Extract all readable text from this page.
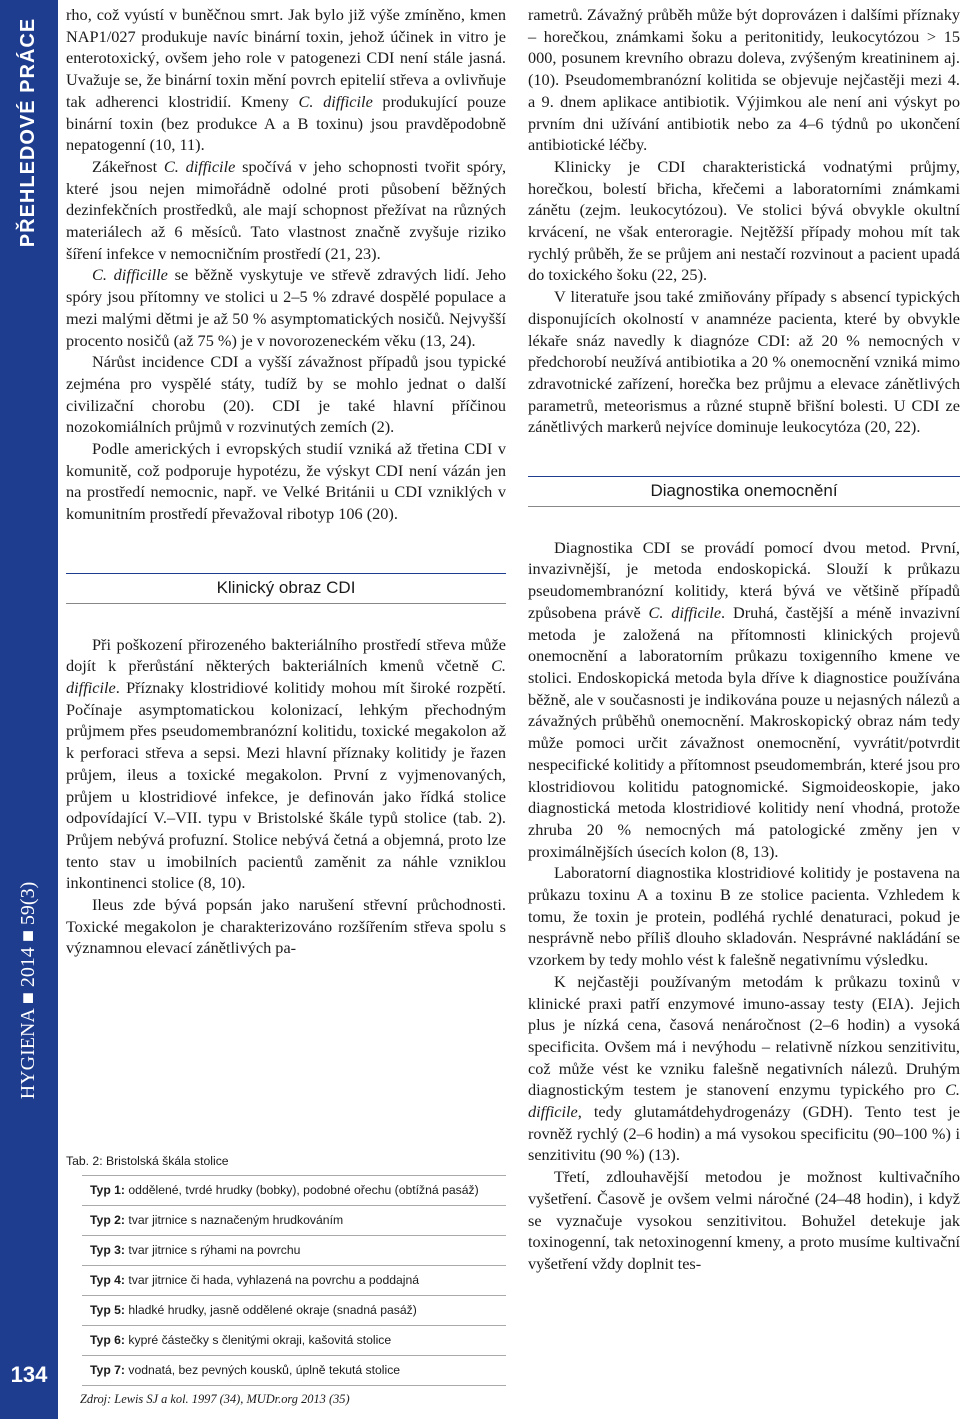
PŘEHLEDOVÉ PRÁCE
HYGIENA ■ 2014 ■ 59(3)
134

rho, což vyústí v buněčnou smrt. Jak bylo již výše zmíněno, kmen NAP1/027 produkuje navíc binární toxin, jehož účinek in vitro je enterotoxický, ovšem jeho role v patogenezi CDI není stále jasná. Uvažuje se, že binární toxin mění povrch epitelií střeva a ovlivňuje tak adherenci klostridií. Kmeny C. difficile produkující pouze binární toxin (bez produkce A a B toxinu) jsou pravděpodobně nepatogenní (10, 11).

Zákeřnost C. difficile spočívá v jeho schopnosti tvořit spóry, které jsou nejen mimořádně odolné proti působení běžných dezinfekčních prostředků, ale mají schopnost přežívat na různých materiálech až 6 měsíců. Tato vlastnost značně zvyšuje riziko šíření infekce v nemocničním prostředí (21, 23).

C. difficille se běžně vyskytuje ve střevě zdravých lidí. Jeho spóry jsou přítomny ve stolici u 2–5 % zdravé dospělé populace a mezi malými dětmi je až 50 % asymptomatických nosičů. Nejvyšší procento nosičů (až 75 %) je v novorozeneckém věku (13, 24).

Nárůst incidence CDI a vyšší závažnost případů jsou typické zejména pro vyspělé státy, tudíž by se mohlo jednat o další civilizační chorobu (20). CDI je také hlavní příčinou nozokomiálních průjmů v rozvinutých zemích (2).

Podle amerických i evropských studií vzniká až třetina CDI v komunitě, což podporuje hypotézu, že výskyt CDI není vázán jen na prostředí nemocnic, např. ve Velké Británii u CDI vzniklých v komunitním prostředí převažoval ribotyp 106 (20).

Klinický obraz CDI

Při poškození přirozeného bakteriálního prostředí střeva může dojít k přerůstání některých bakteriálních kmenů včetně C. difficile. Příznaky klostridiové kolitidy mohou mít široké rozpětí. Počínaje asymptomatickou kolonizací, lehkým přechodným průjmem přes pseudomembranózní kolitidu, toxické megakolon až k perforaci střeva a sepsi. Mezi hlavní příznaky kolitidy je řazen průjem, ileus a toxické megakolon. První z vyjmenovaných, průjem u klostridiové infekce, je definován jako řídká stolice odpovídající V.–VII. typu v Bristolské škále typů stolice (tab. 2). Průjem nebývá profuzní. Stolice nebývá četná a objemná, proto lze tento stav u imobilních pacientů zaměnit za náhle vzniklou inkontinenci stolice (8, 10).

Ileus zde bývá popsán jako narušení střevní průchodnosti. Toxické megakolon je charakterizováno rozšířením střeva spolu s významnou elevací zánětlivých pa-

Tab. 2: Bristolská škála stolice
Typ 1: oddělené, tvrdé hrudky (bobky), podobné ořechu (obtížná pasáž)
Typ 2: tvar jitrnice s naznačeným hrudkováním
Typ 3: tvar jitrnice s rýhami na povrchu
Typ 4: tvar jitrnice či hada, vyhlazená na povrchu a poddajná
Typ 5: hladké hrudky, jasně oddělené okraje (snadná pasáž)
Typ 6: kypré částečky s členitými okraji, kašovitá stolice
Typ 7: vodnatá, bez pevných kousků, úplně tekutá stolice
Zdroj: Lewis SJ a kol. 1997 (34), MUDr.org 2013 (35)

rametrů. Závažný průběh může být doprovázen i dalšími příznaky – horečkou, známkami šoku a peritonitidy, leukocytózou > 15 000, posunem krevního obrazu doleva, zvýšeným kreatininem aj. (10). Pseudomembranózní kolitida se objevuje nejčastěji mezi 4. a 9. dnem aplikace antibiotik. Výjimkou ale není ani výskyt po prvním dni užívání antibiotik nebo za 4–6 týdnů po ukončení antibiotické léčby.

Klinicky je CDI charakteristická vodnatými průjmy, horečkou, bolestí břicha, křečemi a laboratorními známkami zánětu (zejm. leukocytózou). Ve stolici bývá obvykle okultní krvácení, ne však enteroragie. Nejtěžší případy mohou mít tak rychlý průběh, že se průjem ani nestačí rozvinout a pacient upadá do toxického šoku (22, 25).

V literatuře jsou také zmiňovány případy s absencí typických disponujících okolností v anamnéze pacienta, které by obvykle lékaře snáz navedly k diagnóze CDI: až 20 % nemocných v předchorobí neužívá antibiotika a 20 % onemocnění vzniká mimo zdravotnické zařízení, horečka bez průjmu a elevace zánětlivých parametrů, meteorismus a různé stupně břišní bolesti. U CDI ze zánětlivých markerů nejvíce dominuje leukocytóza (20, 22).

Diagnostika onemocnění

Diagnostika CDI se provádí pomocí dvou metod. První, invazivnější, je metoda endoskopická. Slouží k průkazu pseudomembranózní kolitidy, která bývá ve většině případů způsobena právě C. difficile. Druhá, častější a méně invazivní metoda je založená na přítomnosti klinických projevů onemocnění a laboratorním průkazu toxigenního kmene ve stolici. Endoskopická metoda byla dříve k diagnostice používána běžně, ale v současnosti je indikována pouze u nejasných nálezů a závažných průběhů onemocnění. Makroskopický obraz nám tedy může pomoci určit závažnost onemocnění, vyvrátit/potvrdit nespecifické kolitidy a přítomnost pseudomembrán, které jsou pro klostridiovou kolitidu patognomické. Sigmoideoskopie, jako diagnostická metoda klostridiové kolitidy není vhodná, protože zhruba 20 % nemocných má patologické změny jen v proximálnějších úsecích kolon (8, 13).

Laboratorní diagnostika klostridiové kolitidy je postavena na průkazu toxinu A a toxinu B ze stolice pacienta. Vzhledem k tomu, že toxin je protein, podléhá rychlé denaturaci, pokud je nesprávně nebo příliš dlouho skladován. Nesprávné nakládání se vzorkem by tedy mohlo vést k falešně negativnímu výsledku.

K nejčastěji používaným metodám k průkazu toxinů v klinické praxi patří enzymové imuno-assay testy (EIA). Jejich plus je nízká cena, časová nenáročnost (2–6 hodin) a vysoká specificita. Ovšem má i nevýhodu – relativně nízkou senzitivitu, což může vést ke vzniku falešně negativních nálezů. Druhým diagnostickým testem je stanovení enzymu typického pro C. difficile, tedy glutamátdehydrogenázy (GDH). Tento test je rovněž rychlý (2–6 hodin) a má vysokou specificitu (90–100 %) i senzitivitu (90 %) (13).

Třetí, zdlouhavější metodou je možnost kultivačního vyšetření. Časově je ovšem velmi náročné (24–48 hodin), i když se vyznačuje vysokou senzitivitou. Bohužel detekuje jak toxinogenní, tak netoxinogenní kmeny, a proto musíme kultivační vyšetření vždy doplnit tes-
